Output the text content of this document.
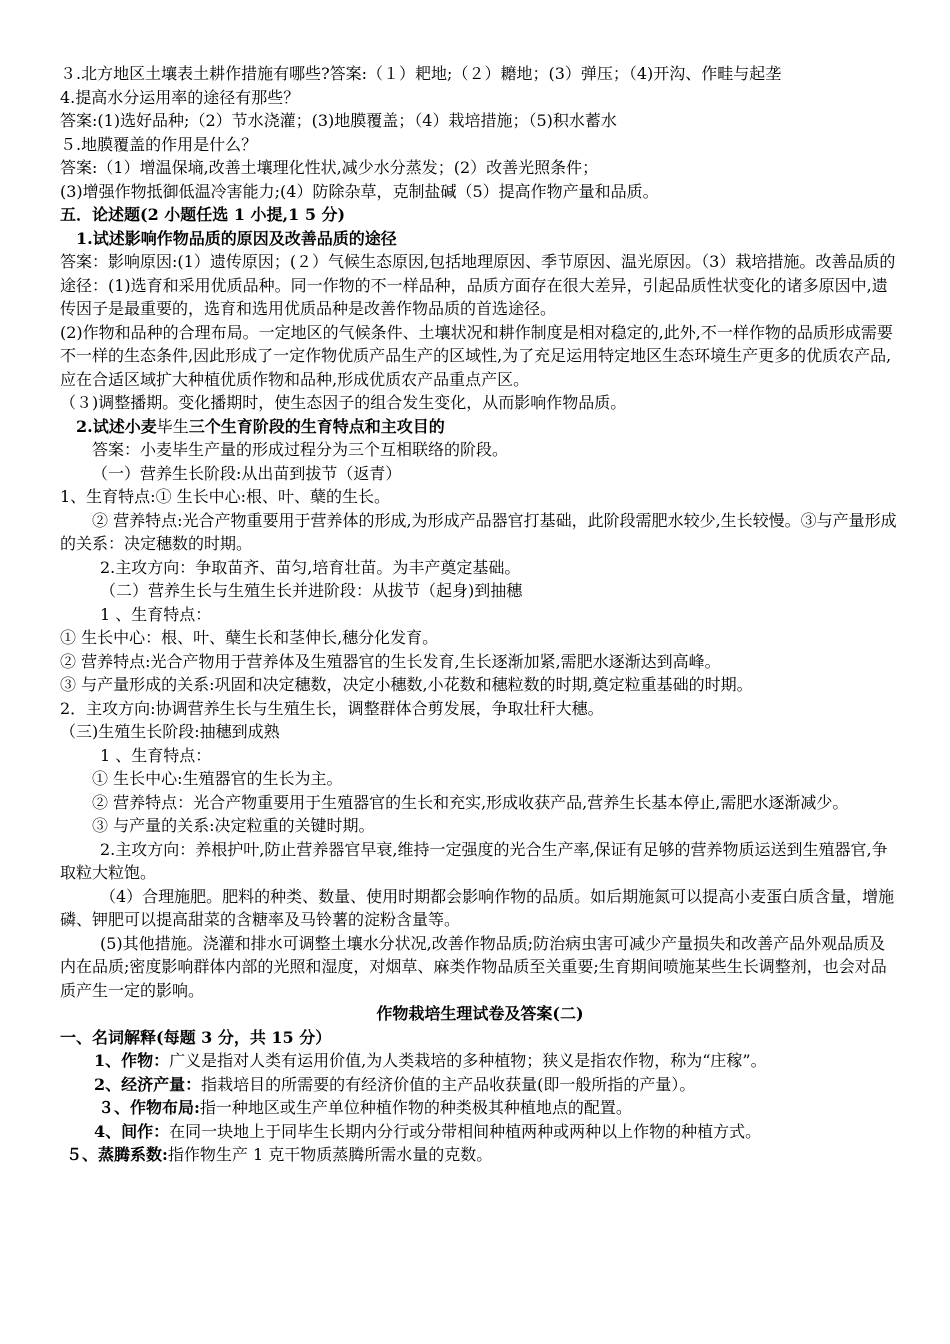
３.北方地区土壤表土耕作措施有哪些?答案:（１）耙地;（２）耱地；(3）弹压；（4)开沟、作畦与起垄

4.提高水分运用率的途径有那些？

答案:(1)选好品种;（2）节水浇灌；(3)地膜覆盖；（4）栽培措施；（5)积水蓄水

５.地膜覆盖的作用是什么？

答案:（1）增温保墒,改善土壤理化性状,减少水分蒸发；(2）改善光照条件；

(3)增强作物抵御低温冷害能力;(4）防除杂草，克制盐碱（5）提高作物产量和品质。

五．论述题(2 小题任选 1 小提,1 5 分)

1.试述影响作物品质的原因及改善品质的途径

答案：影响原因:(1）遗传原因；(２）气候生态原因,包括地理原因、季节原因、温光原因。（3）栽培措施。改善品质的途径：(1)选育和采用优质品种。同一作物的不一样品种，品质方面存在很大差异，引起品质性状变化的诸多原因中,遗传因子是最重要的，选育和选用优质品种是改善作物品质的首选途径。

(2)作物和品种的合理布局。一定地区的气候条件、土壤状况和耕作制度是相对稳定的,此外,不一样作物的品质形成需要不一样的生态条件,因此形成了一定作物优质产品生产的区域性,为了充足运用特定地区生态环境生产更多的优质农产品,应在合适区域扩大种植优质作物和品种,形成优质农产品重点产区。

（３)调整播期。变化播期时，使生态因子的组合发生变化，从而影响作物品质。

2.试述小麦毕生三个生育阶段的生育特点和主攻目的

答案：小麦毕生产量的形成过程分为三个互相联络的阶段。

（一）营养生长阶段:从出苗到拔节（返青）

1、生育特点:① 生长中心:根、叶、蘖的生长。

② 营养特点:光合产物重要用于营养体的形成,为形成产品器官打基础，此阶段需肥水较少,生长较慢。③与产量形成的关系：决定穗数的时期。

2.主攻方向：争取苗齐、苗匀,培育壮苗。为丰产奠定基础。

（二）营养生长与生殖生长并进阶段：从拔节（起身)到抽穗

1 、生育特点：

① 生长中心：根、叶、蘖生长和茎伸长,穗分化发育。

② 营养特点:光合产物用于营养体及生殖器官的生长发育,生长逐渐加紧,需肥水逐渐达到高峰。

③ 与产量形成的关系:巩固和决定穗数，决定小穗数,小花数和穗粒数的时期,奠定粒重基础的时期。

2．主攻方向:协调营养生长与生殖生长，调整群体合剪发展，争取壮秆大穗。

（三)生殖生长阶段:抽穗到成熟

1 、生育特点：

① 生长中心:生殖器官的生长为主。

② 营养特点：光合产物重要用于生殖器官的生长和充实,形成收获产品,营养生长基本停止,需肥水逐渐减少。

③ 与产量的关系:决定粒重的关键时期。

2.主攻方向：养根护叶,防止营养器官早衰,维持一定强度的光合生产率,保证有足够的营养物质运送到生殖器官,争取粒大粒饱。

（4）合理施肥。肥料的种类、数量、使用时期都会影响作物的品质。如后期施氮可以提高小麦蛋白质含量，增施磷、钾肥可以提高甜菜的含糖率及马铃薯的淀粉含量等。

(5)其他措施。浇灌和排水可调整土壤水分状况,改善作物品质;防治病虫害可减少产量损失和改善产品外观品质及内在品质;密度影响群体内部的光照和湿度，对烟草、麻类作物品质至关重要;生育期间喷施某些生长调整剂，也会对品质产生一定的影响。

作物栽培生理试卷及答案(二)

一、名词解释(每题 3 分，共 15 分）

1、作物：广义是指对人类有运用价值,为人类栽培的多种植物；狭义是指农作物，称为“庄稼”。

2、经济产量：指栽培目的所需要的有经济价值的主产品收获量(即一般所指的产量）。

３、作物布局:指一种地区或生产单位种植作物的种类极其种植地点的配置。

4、间作：在同一块地上于同毕生长期内分行或分带相间种植两种或两种以上作物的种植方式。

５、蒸腾系数:指作物生产 1 克干物质蒸腾所需水量的克数。
